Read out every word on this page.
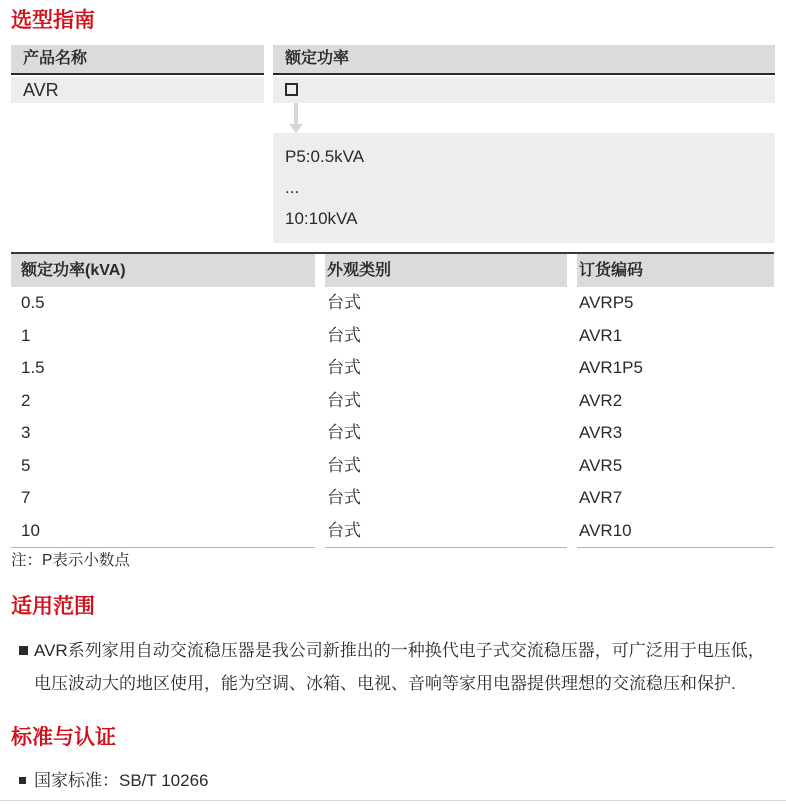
选型指南
产品名称
AVR
额定功率
P5:0.5kVA
...
10:10kVA
额定功率(kVA)	外观类别	订货编码
0.5	台式	AVRP5
1	台式	AVR1
1.5	台式	AVR1P5
2	台式	AVR2
3	台式	AVR3
5	台式	AVR5
7	台式	AVR7
10	台式	AVR10
注：P表示小数点
适用范围
AVR系列家用自动交流稳压器是我公司新推出的一种换代电子式交流稳压器，可广泛用于电压低，电压波动大的地区使用，能为空调、冰箱、电视、音响等家用电器提供理想的交流稳压和保护.
标准与认证
国家标准：SB/T 10266
